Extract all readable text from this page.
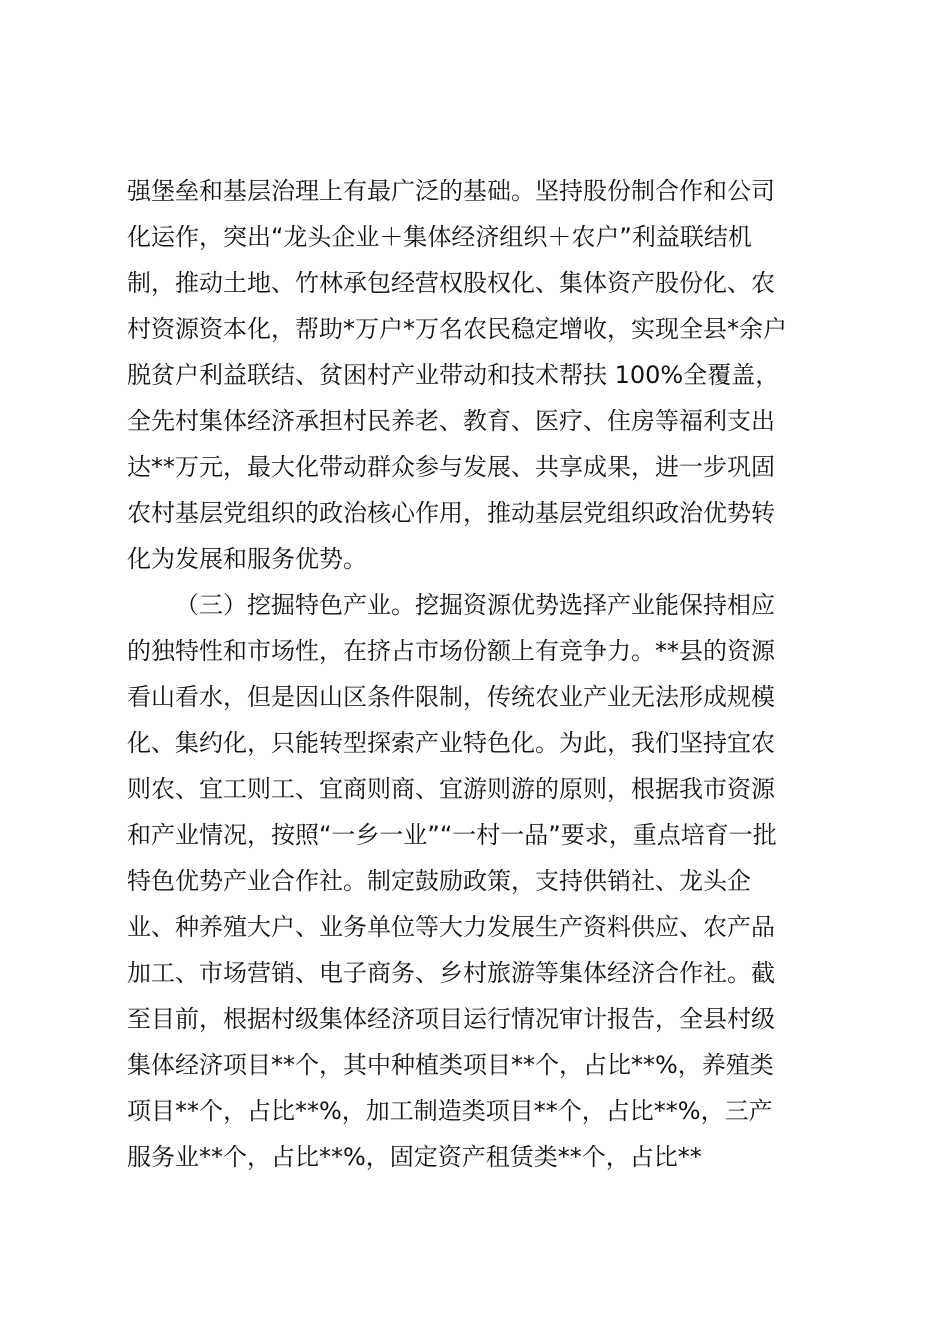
强堡垒和基层治理上有最广泛的基础。坚持股份制合作和公司
化运作，突出“龙头企业＋集体经济组织＋农户”利益联结机
制，推动土地、竹林承包经营权股权化、集体资产股份化、农
村资源资本化，帮助*万户*万名农民稳定增收，实现全县*余户
脱贫户利益联结、贫困村产业带动和技术帮扶 100%全覆盖，
全先村集体经济承担村民养老、教育、医疗、住房等福利支出
达**万元，最大化带动群众参与发展、共享成果，进一步巩固
农村基层党组织的政治核心作用，推动基层党组织政治优势转
化为发展和服务优势。
（三）挖掘特色产业。挖掘资源优势选择产业能保持相应
的独特性和市场性，在挤占市场份额上有竞争力。**县的资源
看山看水，但是因山区条件限制，传统农业产业无法形成规模
化、集约化，只能转型探索产业特色化。为此，我们坚持宜农
则农、宜工则工、宜商则商、宜游则游的原则，根据我市资源
和产业情况，按照“一乡一业”“一村一品”要求，重点培育一批
特色优势产业合作社。制定鼓励政策，支持供销社、龙头企
业、种养殖大户、业务单位等大力发展生产资料供应、农产品
加工、市场营销、电子商务、乡村旅游等集体经济合作社。截
至目前，根据村级集体经济项目运行情况审计报告，全县村级
集体经济项目**个，其中种植类项目**个，占比**%，养殖类
项目**个，占比**%，加工制造类项目**个，占比**%，三产
服务业**个，占比**%，固定资产租赁类**个，占比**
